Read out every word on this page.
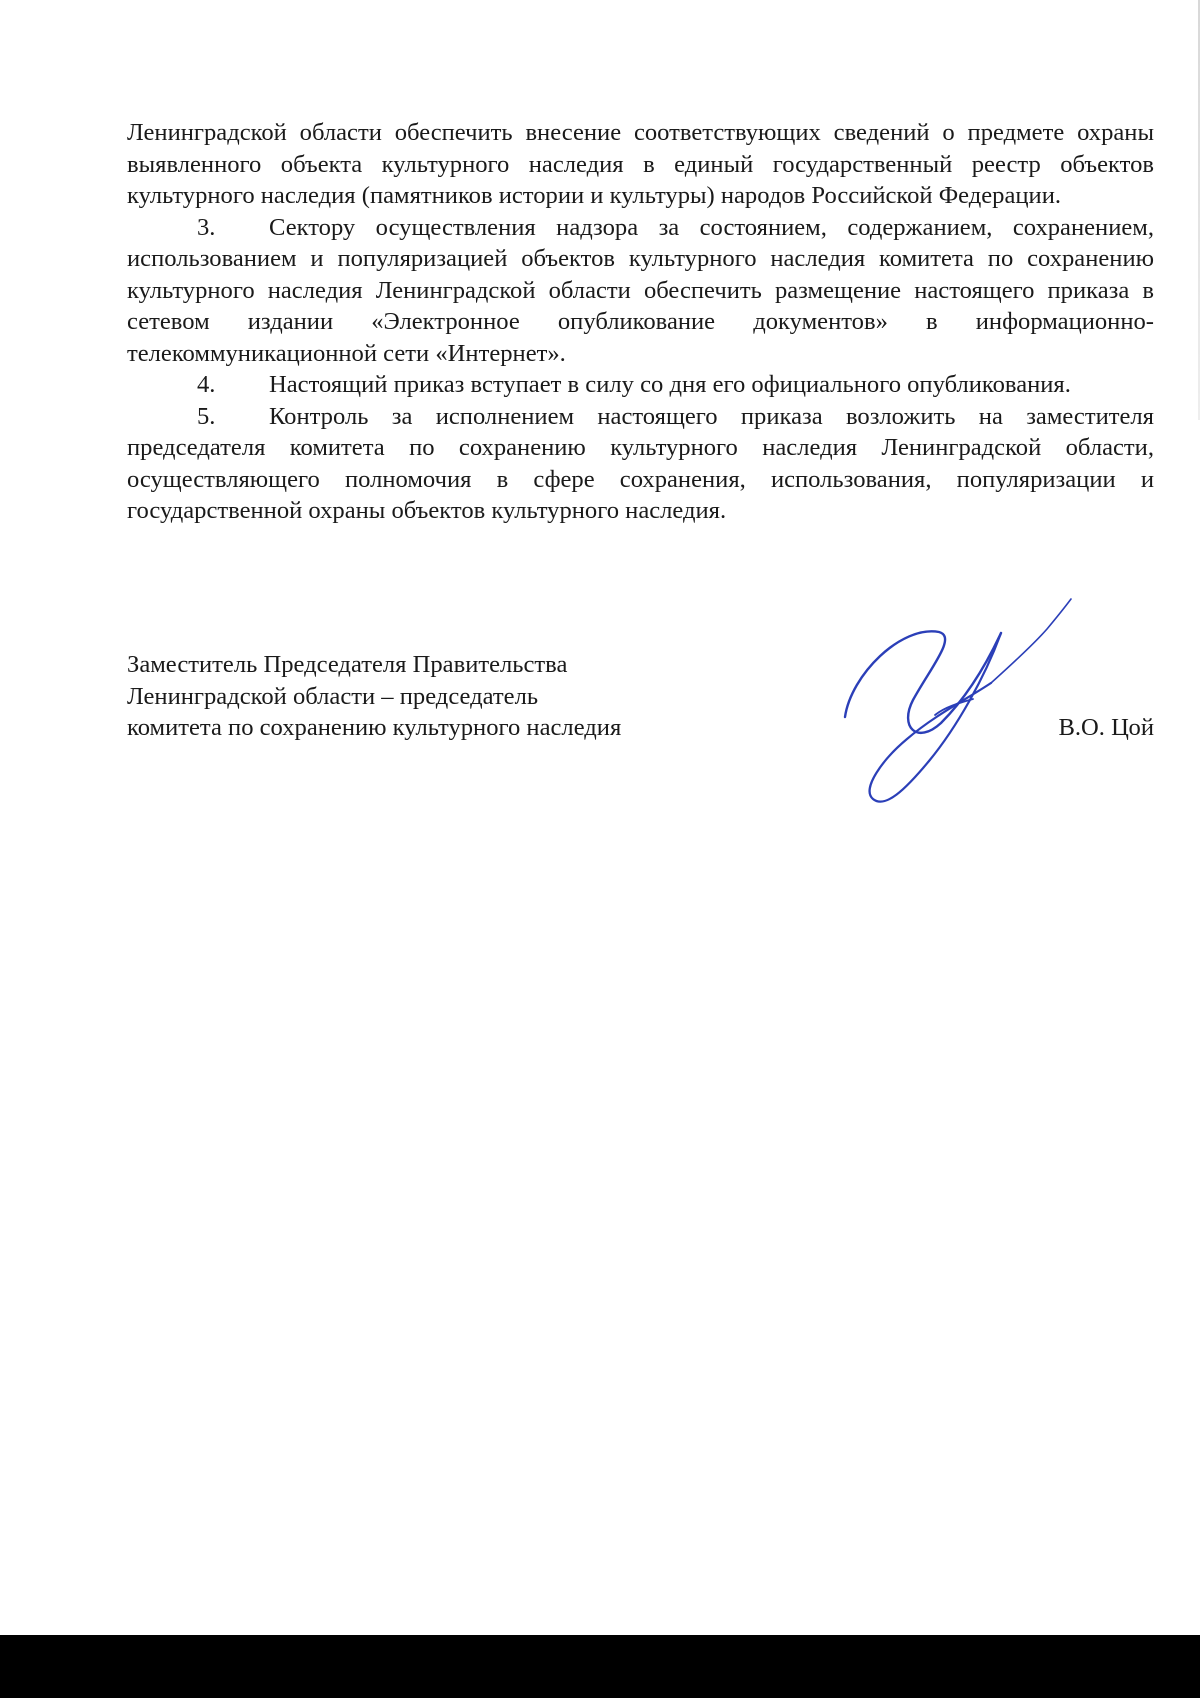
Ленинградской области обеспечить внесение соответствующих сведений о предмете охраны выявленного объекта культурного наследия в единый государственный реестр объектов культурного наследия (памятников истории и культуры) народов Российской Федерации.

3. Сектору осуществления надзора за состоянием, содержанием, сохранением, использованием и популяризацией объектов культурного наследия комитета по сохранению культурного наследия Ленинградской области обеспечить размещение настоящего приказа в сетевом издании «Электронное опубликование документов» в информационно-телекоммуникационной сети «Интернет».

4. Настоящий приказ вступает в силу со дня его официального опубликования.

5. Контроль за исполнением настоящего приказа возложить на заместителя председателя комитета по сохранению культурного наследия Ленинградской области, осуществляющего полномочия в сфере сохранения, использования, популяризации и государственной охраны объектов культурного наследия.

Заместитель Председателя Правительства
Ленинградской области – председатель
комитета по сохранению культурного наследия	В.О. Цой
